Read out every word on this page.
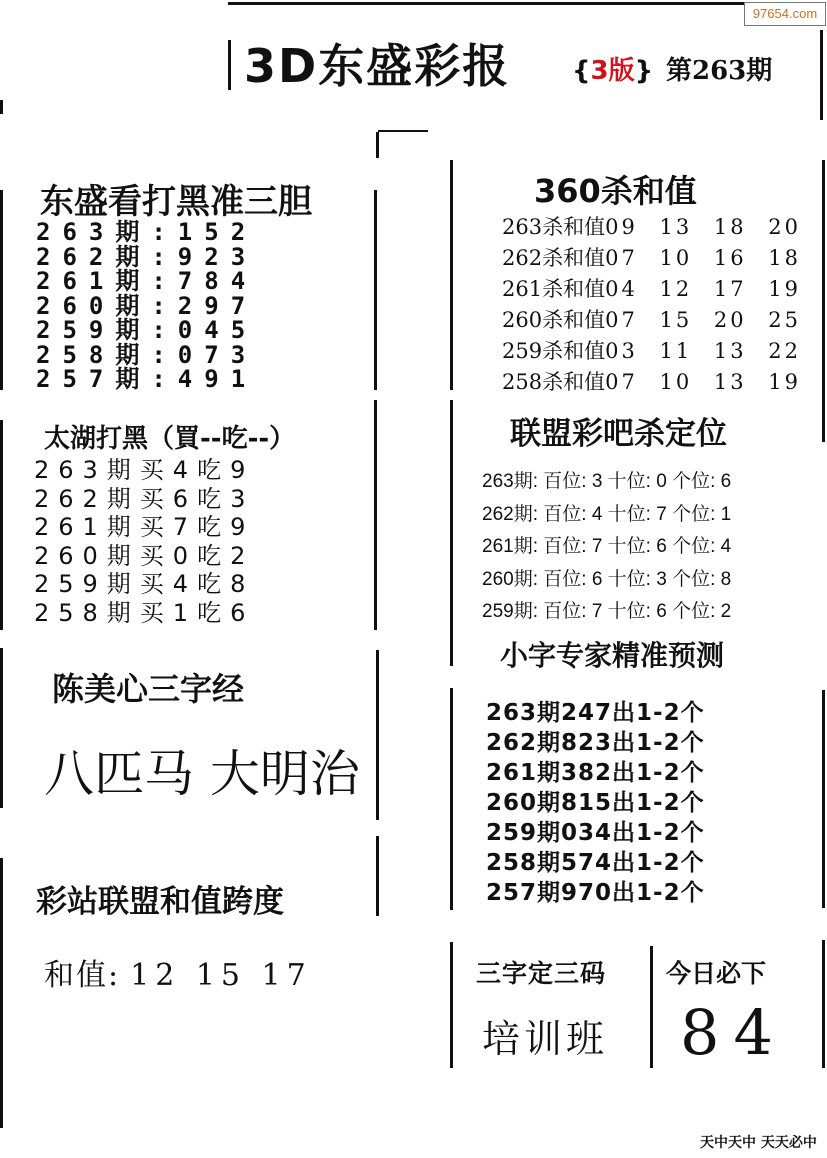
3D东盛彩报 {3版} 第263期
97654.com
东盛看打黑准三胆
263期:152
262期:923
261期:784
260期:297
259期:045
258期:073
257期:491
太湖打黑（買--吃--）
263期买4吃9
262期买6吃3
261期买7吃9
260期买0吃2
259期买4吃8
258期买1吃6
陈美心三字经
八匹马 大明治
彩站联盟和值跨度
和值: 12 15 17
360杀和值
263杀和值09 13 18 20
262杀和值07 10 16 18
261杀和值04 12 17 19
260杀和值07 15 20 25
259杀和值03 11 13 22
258杀和值07 10 13 19
联盟彩吧杀定位
263期: 百位: 3 十位: 0 个位: 6
262期: 百位: 4 十位: 7 个位: 1
261期: 百位: 7 十位: 6 个位: 4
260期: 百位: 6 十位: 3 个位: 8
259期: 百位: 7 十位: 6 个位: 2
小字专家精准预测
263期247出1-2个
262期823出1-2个
261期382出1-2个
260期815出1-2个
259期034出1-2个
258期574出1-2个
257期970出1-2个
三字定三码 今日必下
培训班 84
天中天中 天天必中
